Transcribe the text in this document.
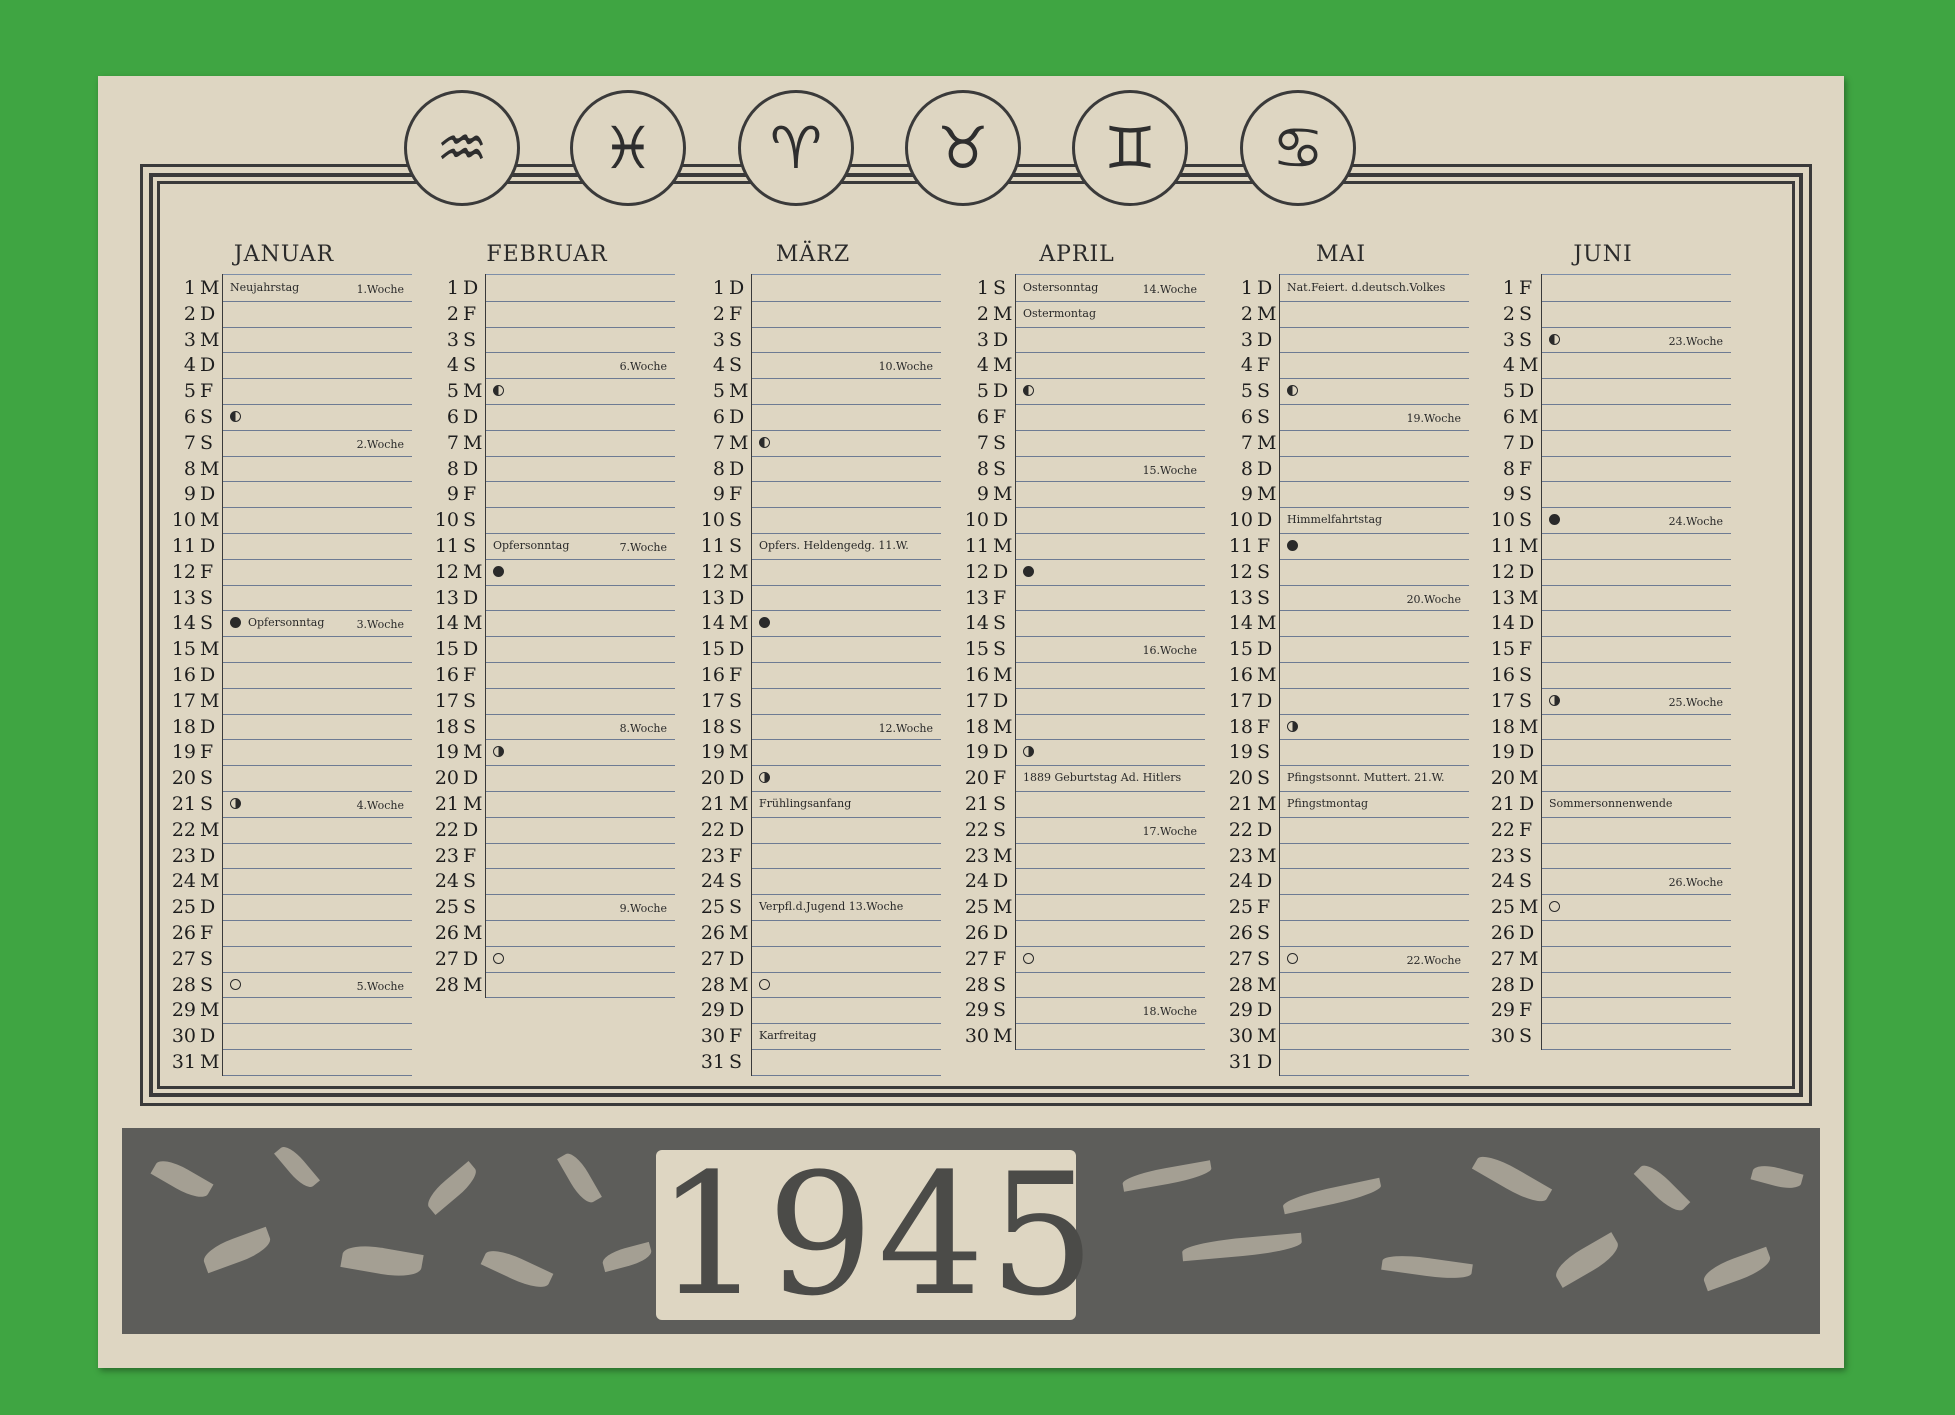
1945
♒	♓	♈	♉	♊	♋
JANUAR
1 M Neujahrstag	1.Woche
2 D
3 M
4 D
5 F
6 S
7 S	2.Woche
8 M
9 D
10 M
11 D
12 F
13 S
14 S	Opfersonntag	3.Woche
15 M
16 D
17 M
18 D
19 F
20 S
21 S	4.Woche
22 M
23 D
24 M
25 D
26 F
27 S
28 S	5.Woche
29 M
30 D
31 M
FEBRUAR
1 D
2 F
3 S
4 S	6.Woche
5 M
6 D
7 M
8 D
9 F
10 S
11 S	Opfersonntag	7.Woche
12 M
13 D
14 M
15 D
16 F
17 S
18 S	8.Woche
19 M
20 D
21 M
22 D
23 F
24 S
25 S	9.Woche
26 M
27 D
28 M
MÄRZ
1 D
2 F
3 S
4 S	10.Woche
5 M
6 D
7 M
8 D
9 F
10 S
11 S	Opfers. Heldengedg. 11.W.
12 M
13 D
14 M
15 D
16 F
17 S
18 S	12.Woche
19 M
20 D
21 M Frühlingsanfang
22 D
23 F
24 S
25 S	Verpfl.d.Jugend 13.Woche
26 M
27 D
28 M
29 D
30 F	Karfreitag
31 S
APRIL
1 S	Ostersonntag	14.Woche
2 M Ostermontag
3 D
4 M
5 D
6 F
7 S
8 S	15.Woche
9 M
10 D
11 M
12 D
13 F
14 S
15 S	16.Woche
16 M
17 D
18 M
19 D
20 F	1889 Geburtstag Ad. Hitlers
21 S
22 S	17.Woche
23 M
24 D
25 M
26 D
27 F
28 S
29 S	18.Woche
30 M
MAI
1 D	Nat.Feiert. d.deutsch.Volkes
2 M
3 D
4 F
5 S
6 S	19.Woche
7 M
8 D
9 M
10 D	Himmelfahrtstag
11 F
12 S
13 S	20.Woche
14 M
15 D
16 M
17 D
18 F
19 S
20 S	Pfingstsonnt. Muttert. 21.W.
21 M Pfingstmontag
22 D
23 M
24 D
25 F
26 S
27 S	22.Woche
28 M
29 D
30 M
31 D
JUNI
1 F
2 S
3 S	23.Woche
4 M
5 D
6 M
7 D
8 F
9 S
10 S	24.Woche
11 M
12 D
13 M
14 D
15 F
16 S
17 S	25.Woche
18 M
19 D
20 M
21 D	Sommersonnenwende
22 F
23 S
24 S	26.Woche
25 M
26 D
27 M
28 D
29 F
30 S
